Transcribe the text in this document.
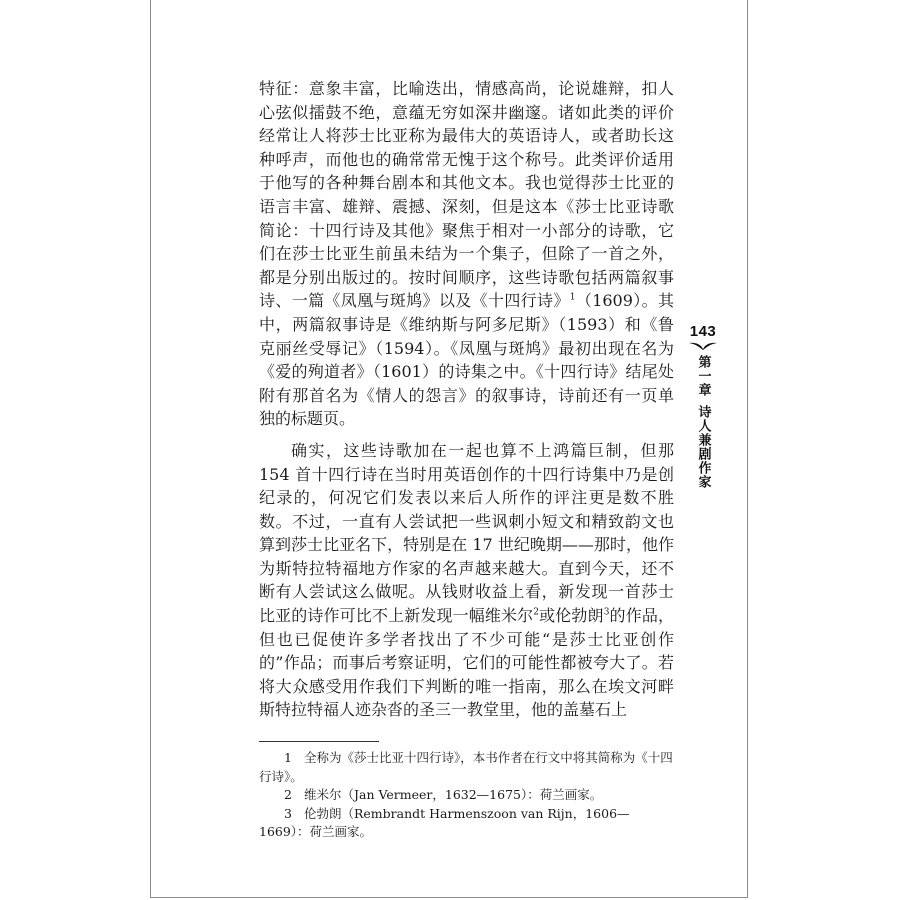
特征：意象丰富，比喻迭出，情感高尚，论说雄辩，扣人心弦似擂鼓不绝，意蕴无穷如深井幽邃。诸如此类的评价经常让人将莎士比亚称为最伟大的英语诗人，或者助长这种呼声，而他也的确常常无愧于这个称号。此类评价适用于他写的各种舞台剧本和其他文本。我也觉得莎士比亚的语言丰富、雄辩、震撼、深刻，但是这本《莎士比亚诗歌简论：十四行诗及其他》聚焦于相对一小部分的诗歌，它们在莎士比亚生前虽未结为一个集子，但除了一首之外，都是分别出版过的。按时间顺序，这些诗歌包括两篇叙事诗、一篇《凤凰与斑鸠》以及《十四行诗》$^1$（1609）。其中，两篇叙事诗是《维纳斯与阿多尼斯》（1593）和《鲁克丽丝受辱记》（1594）。《凤凰与斑鸠》最初出现在名为《爱的殉道者》（1601）的诗集之中。《十四行诗》结尾处附有那首名为《情人的怨言》的叙事诗，诗前还有一页单独的标题页。

确实，这些诗歌加在一起也算不上鸿篇巨制，但那 154 首十四行诗在当时用英语创作的十四行诗集中乃是创纪录的，何况它们发表以来后人所作的评注更是数不胜数。不过，一直有人尝试把一些讽刺小短文和精致韵文也算到莎士比亚名下，特别是在 17 世纪晚期——那时，他作为斯特拉特福地方作家的名声越来越大。直到今天，还不断有人尝试这么做呢。从钱财收益上看，新发现一首莎士比亚的诗作可比不上新发现一幅维米尔$^2$或伦勃朗$^3$的作品，但也已促使许多学者找出了不少可能“是莎士比亚创作的”作品；而事后考察证明，它们的可能性都被夸大了。若将大众感受用作我们下判断的唯一指南，那么在埃文河畔斯特拉特福人迹杂沓的圣三一教堂里，他的盖墓石上

  1 全称为《莎士比亚十四行诗》，本书作者在行文中将其简称为《十四行诗》。

  2 维米尔（Jan Vermeer，1632—1675）：荷兰画家。

  3 伦勃朗（Rembrandt Harmenszoon van Rijn，1606—1669）：荷兰画家。

143
第一章
诗人兼剧作家
